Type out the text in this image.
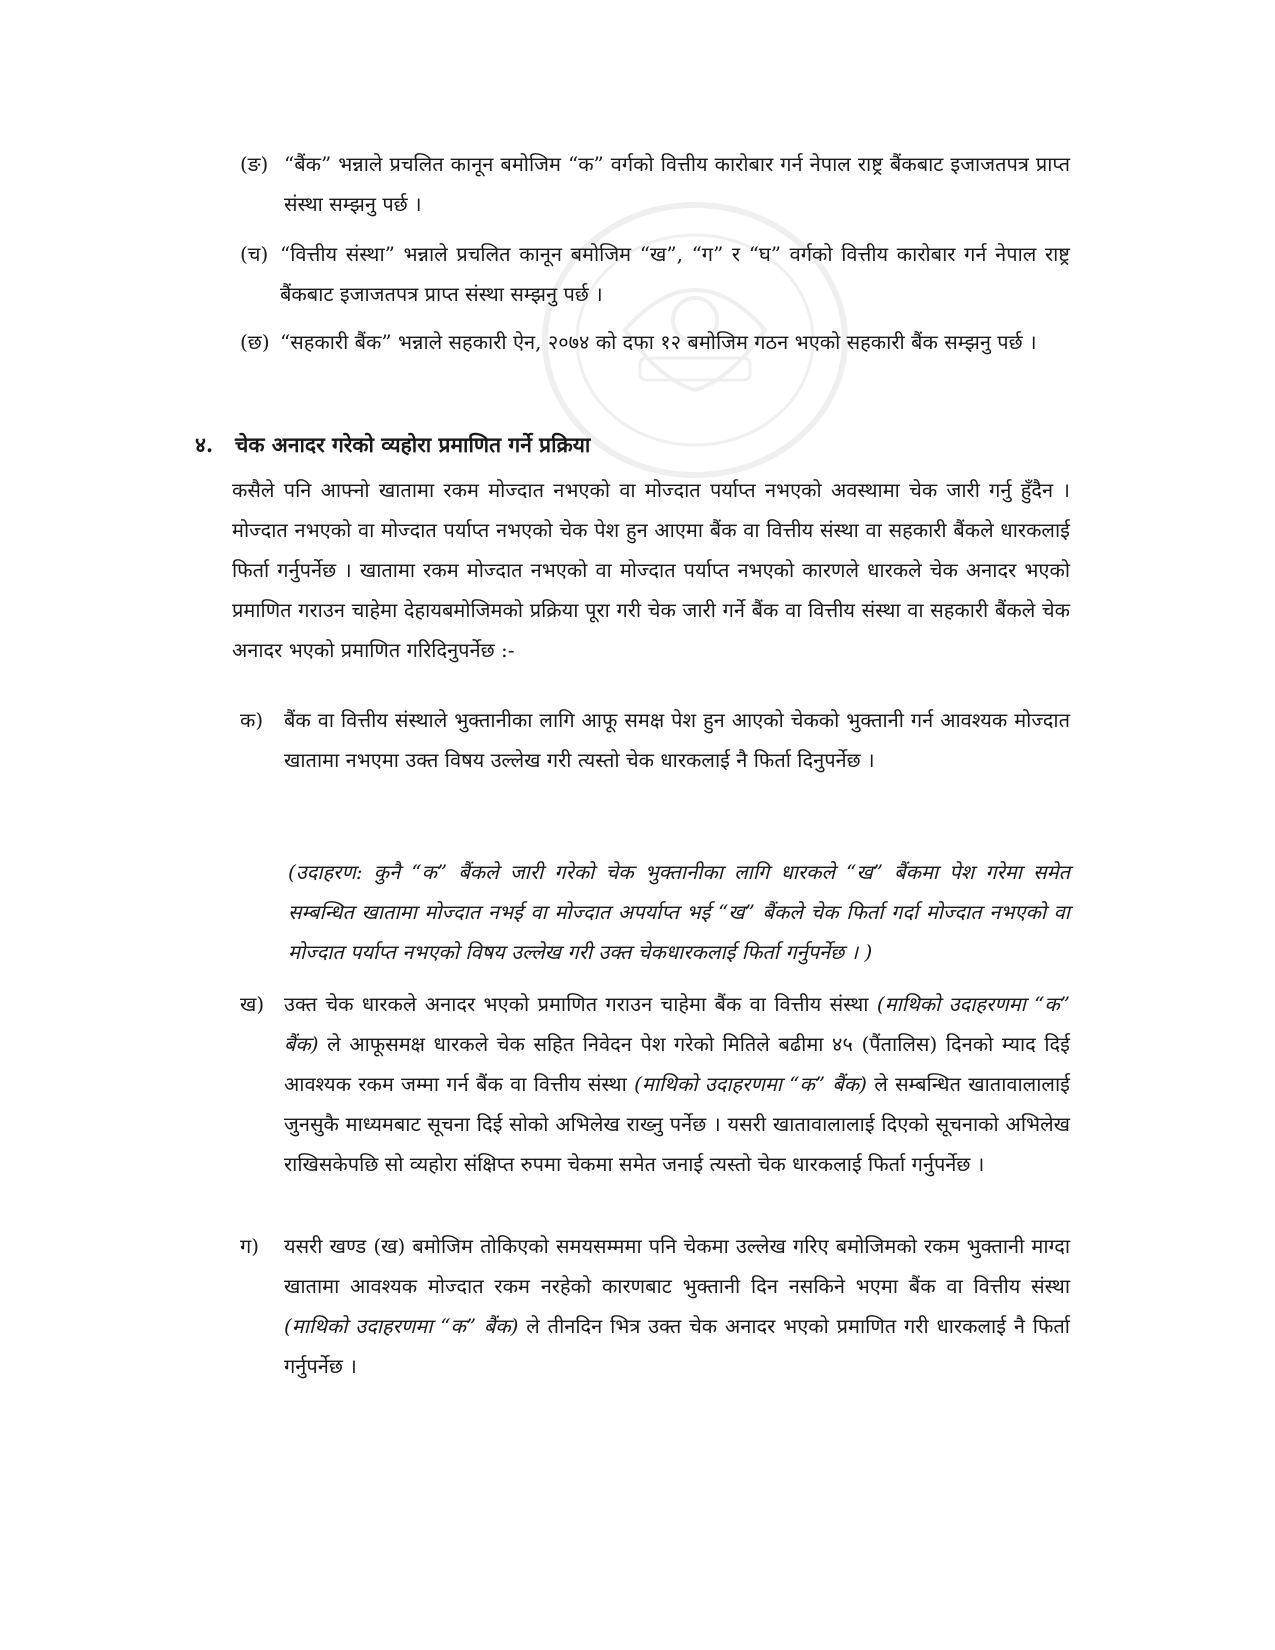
(ङ) “बैंक” भन्नाले प्रचलित कानून बमोजिम “क” वर्गको वित्तीय कारोबार गर्न नेपाल राष्ट्र बैंकबाट इजाजतपत्र प्राप्त संस्था सम्झनु पर्छ ।
(च) “वित्तीय संस्था” भन्नाले प्रचलित कानून बमोजिम “ख”, “ग” र “घ” वर्गको वित्तीय कारोबार गर्न नेपाल राष्ट्र बैंकबाट इजाजतपत्र प्राप्त संस्था सम्झनु पर्छ ।
(छ) “सहकारी बैंक” भन्नाले सहकारी ऐन, २०७४ को दफा १२ बमोजिम गठन भएको सहकारी बैंक सम्झनु पर्छ ।
४. चेक अनादर गरेको व्यहोरा प्रमाणित गर्ने प्रक्रिया

कसैले पनि आफ्नो खातामा रकम मोज्दात नभएको वा मोज्दात पर्याप्त नभएको अवस्थामा चेक जारी गर्नु हुँदैन । मोज्दात नभएको वा मोज्दात पर्याप्त नभएको चेक पेश हुन आएमा बैंक वा वित्तीय संस्था वा सहकारी बैंकले धारकलाई फिर्ता गर्नुपर्नेछ । खातामा रकम मोज्दात नभएको वा मोज्दात पर्याप्त नभएको कारणले धारकले चेक अनादर भएको प्रमाणित गराउन चाहेमा देहायबमोजिमको प्रक्रिया पूरा गरी चेक जारी गर्ने बैंक वा वित्तीय संस्था वा सहकारी बैंकले चेक अनादर भएको प्रमाणित गरिदिनुपर्नेछ :-

क) बैंक वा वित्तीय संस्थाले भुक्तानीका लागि आफू समक्ष पेश हुन आएको चेकको भुक्तानी गर्न आवश्यक मोज्दात खातामा नभएमा उक्त विषय उल्लेख गरी त्यस्तो चेक धारकलाई नै फिर्ता दिनुपर्नेछ ।

(उदाहरण: कुनै “क” बैंकले जारी गरेको चेक भुक्तानीका लागि धारकले “ख” बैंकमा पेश गरेमा समेत सम्बन्धित खातामा मोज्दात नभई वा मोज्दात अपर्याप्त भई “ख” बैंकले चेक फिर्ता गर्दा मोज्दात नभएको वा मोज्दात पर्याप्त नभएको विषय उल्लेख गरी उक्त चेकधारकलाई फिर्ता गर्नुपर्नेछ । )

ख) उक्त चेक धारकले अनादर भएको प्रमाणित गराउन चाहेमा बैंक वा वित्तीय संस्था (माथिको उदाहरणमा “क” बैंक) ले आफूसमक्ष धारकले चेक सहित निवेदन पेश गरेको मितिले बढीमा ४५ (पैंतालिस) दिनको म्याद दिई आवश्यक रकम जम्मा गर्न बैंक वा वित्तीय संस्था (माथिको उदाहरणमा “क” बैंक) ले सम्बन्धित खातावालालाई जुनसुकै माध्यमबाट सूचना दिई सोको अभिलेख राख्नु पर्नेछ । यसरी खातावालालाई दिएको सूचनाको अभिलेख राखिसकेपछि सो व्यहोरा संक्षिप्त रुपमा चेकमा समेत जनाई त्यस्तो चेक धारकलाई फिर्ता गर्नुपर्नेछ ।
ग) यसरी खण्ड (ख) बमोजिम तोकिएको समयसम्ममा पनि चेकमा उल्लेख गरिए बमोजिमको रकम भुक्तानी माग्दा खातामा आवश्यक मोज्दात रकम नरहेको कारणबाट भुक्तानी दिन नसकिने भएमा बैंक वा वित्तीय संस्था (माथिको उदाहरणमा “क” बैंक) ले तीनदिन भित्र उक्त चेक अनादर भएको प्रमाणित गरी धारकलाई नै फिर्ता गर्नुपर्नेछ ।
